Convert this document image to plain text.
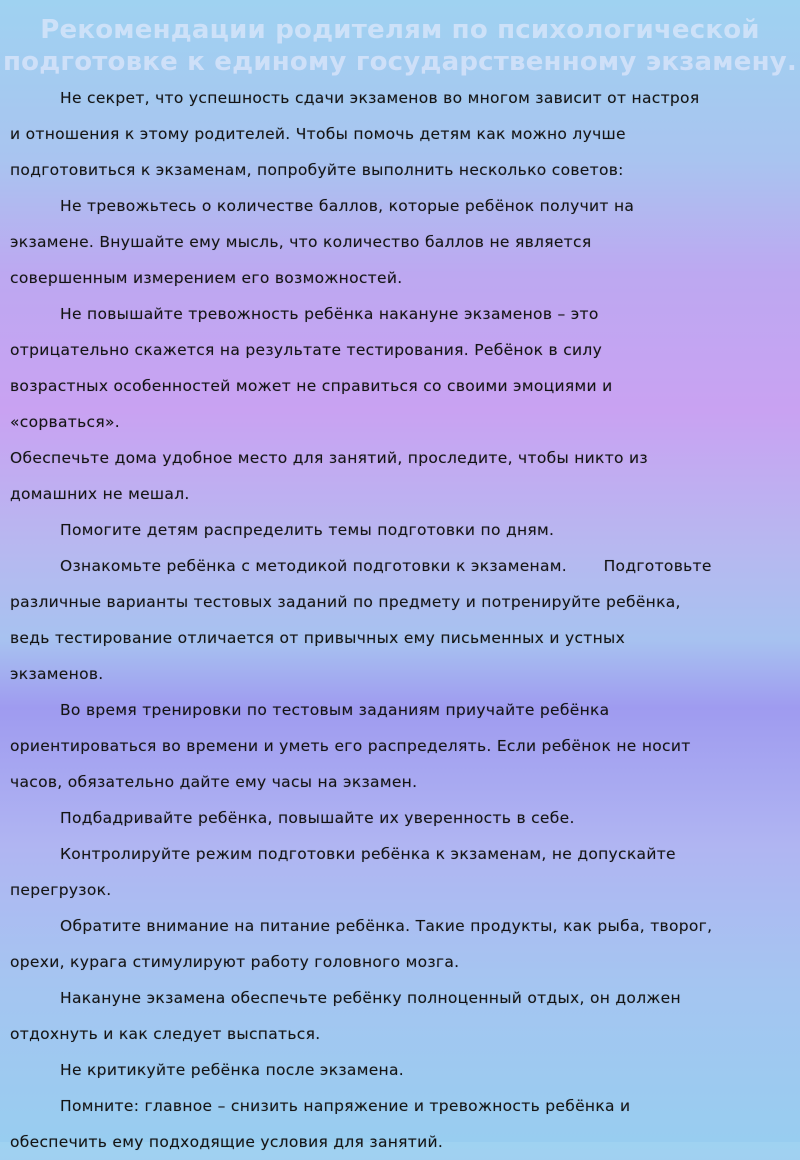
Рекомендации родителям по психологической
подготовке к единому государственному экзамену.
Не секрет, что успешность сдачи экзаменов во многом зависит от настроя
и отношения к этому родителей. Чтобы помочь детям как можно лучше
подготовиться к экзаменам, попробуйте выполнить несколько советов:
Не тревожьтесь о количестве баллов, которые ребёнок получит на
экзамене. Внушайте ему мысль, что количество баллов не является
совершенным измерением его возможностей.
Не повышайте тревожность ребёнка накануне экзаменов – это
отрицательно скажется на результате тестирования. Ребёнок в силу
возрастных особенностей может не справиться со своими эмоциями и
«сорваться».
Обеспечьте дома удобное место для занятий, проследите, чтобы никто из
домашних не мешал.
Помогите детям распределить темы подготовки по дням.
Ознакомьте ребёнка с методикой подготовки к экзаменам.       Подготовьте
различные варианты тестовых заданий по предмету и потренируйте ребёнка,
ведь тестирование отличается от привычных ему письменных и устных
экзаменов.
Во время тренировки по тестовым заданиям приучайте ребёнка
ориентироваться во времени и уметь его распределять. Если ребёнок не носит
часов, обязательно дайте ему часы на экзамен.
Подбадривайте ребёнка, повышайте их уверенность в себе.
Контролируйте режим подготовки ребёнка к экзаменам, не допускайте
перегрузок.
Обратите внимание на питание ребёнка. Такие продукты, как рыба, творог,
орехи, курага стимулируют работу головного мозга.
Накануне экзамена обеспечьте ребёнку полноценный отдых, он должен
отдохнуть и как следует выспаться.
Не критикуйте ребёнка после экзамена.
Помните: главное – снизить напряжение и тревожность ребёнка и
обеспечить ему подходящие условия для занятий.
